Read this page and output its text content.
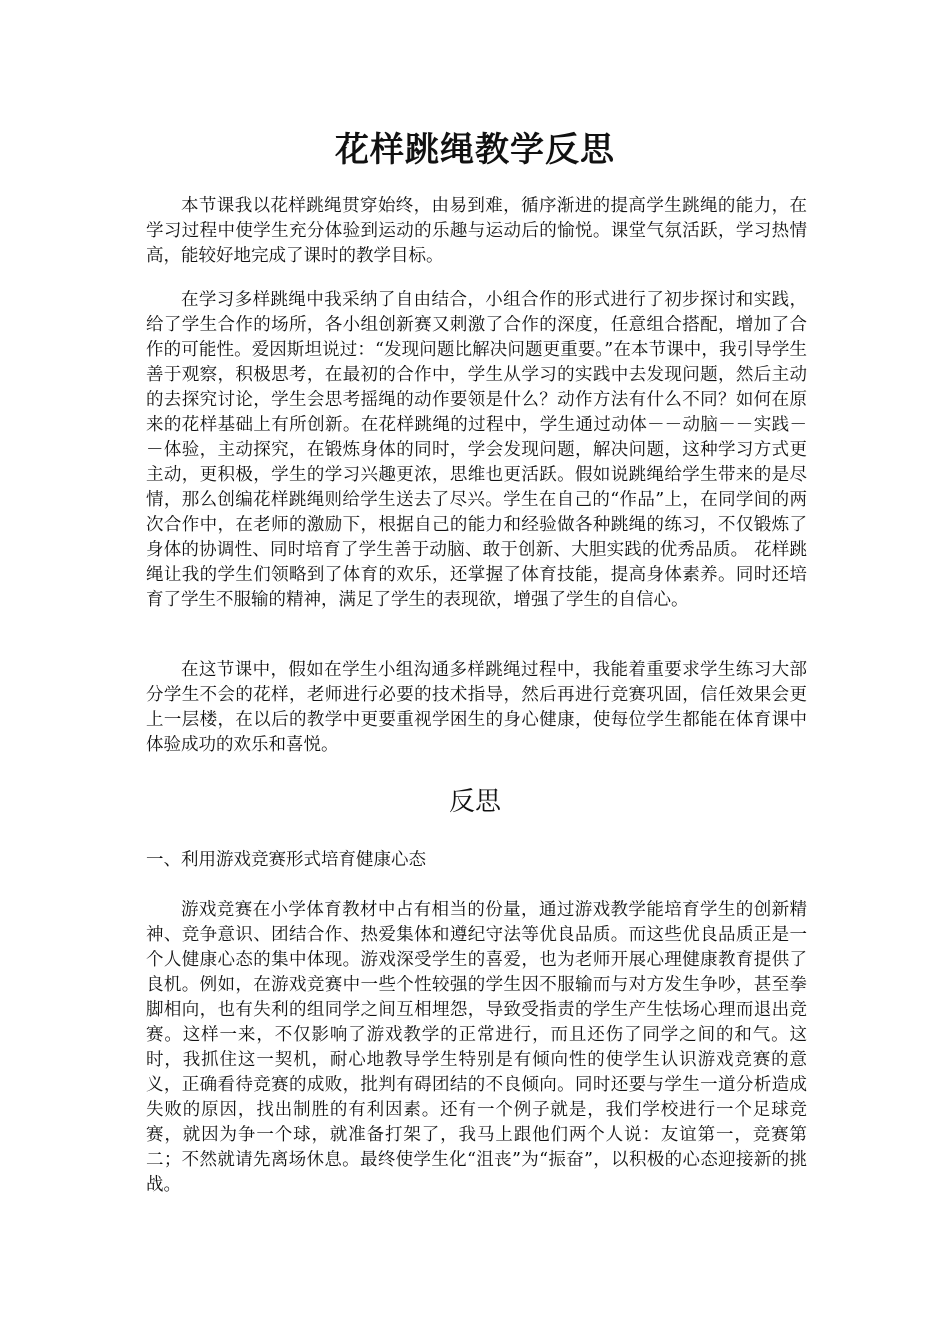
花样跳绳教学反思

本节课我以花样跳绳贯穿始终，由易到难，循序渐进的提高学生跳绳的能力，在学习过程中使学生充分体验到运动的乐趣与运动后的愉悦。课堂气氛活跃，学习热情高，能较好地完成了课时的教学目标。

在学习多样跳绳中我采纳了自由结合，小组合作的形式进行了初步探讨和实践，给了学生合作的场所，各小组创新赛又刺激了合作的深度，任意组合搭配，增加了合作的可能性。爱因斯坦说过：“发现问题比解决问题更重要。”在本节课中，我引导学生善于观察，积极思考，在最初的合作中，学生从学习的实践中去发现问题，然后主动的去探究讨论，学生会思考摇绳的动作要领是什么？动作方法有什么不同？如何在原来的花样基础上有所创新。在花样跳绳的过程中，学生通过动体－－动脑－－实践－－体验，主动探究，在锻炼身体的同时，学会发现问题，解决问题，这种学习方式更主动，更积极，学生的学习兴趣更浓，思维也更活跃。假如说跳绳给学生带来的是尽情，那么创编花样跳绳则给学生送去了尽兴。学生在自己的“作品”上，在同学间的两次合作中，在老师的激励下，根据自己的能力和经验做各种跳绳的练习，不仅锻炼了身体的协调性、同时培育了学生善于动脑、敢于创新、大胆实践的优秀品质。 花样跳绳让我的学生们领略到了体育的欢乐，还掌握了体育技能，提高身体素养。同时还培育了学生不服输的精神，满足了学生的表现欲，增强了学生的自信心。

在这节课中，假如在学生小组沟通多样跳绳过程中，我能着重要求学生练习大部分学生不会的花样，老师进行必要的技术指导，然后再进行竞赛巩固，信任效果会更上一层楼，在以后的教学中更要重视学困生的身心健康，使每位学生都能在体育课中体验成功的欢乐和喜悦。

反思

一、利用游戏竞赛形式培育健康心态

游戏竞赛在小学体育教材中占有相当的份量，通过游戏教学能培育学生的创新精神、竞争意识、团结合作、热爱集体和遵纪守法等优良品质。而这些优良品质正是一个人健康心态的集中体现。游戏深受学生的喜爱，也为老师开展心理健康教育提供了良机。例如，在游戏竞赛中一些个性较强的学生因不服输而与对方发生争吵，甚至拳脚相向，也有失利的组同学之间互相埋怨，导致受指责的学生产生怯场心理而退出竞赛。这样一来，不仅影响了游戏教学的正常进行，而且还伤了同学之间的和气。这时，我抓住这一契机，耐心地教导学生特别是有倾向性的使学生认识游戏竞赛的意义，正确看待竞赛的成败，批判有碍团结的不良倾向。同时还要与学生一道分析造成失败的原因，找出制胜的有利因素。还有一个例子就是，我们学校进行一个足球竞赛，就因为争一个球，就准备打架了，我马上跟他们两个人说：友谊第一，竞赛第二；不然就请先离场休息。最终使学生化“沮丧”为“振奋”，以积极的心态迎接新的挑战。
